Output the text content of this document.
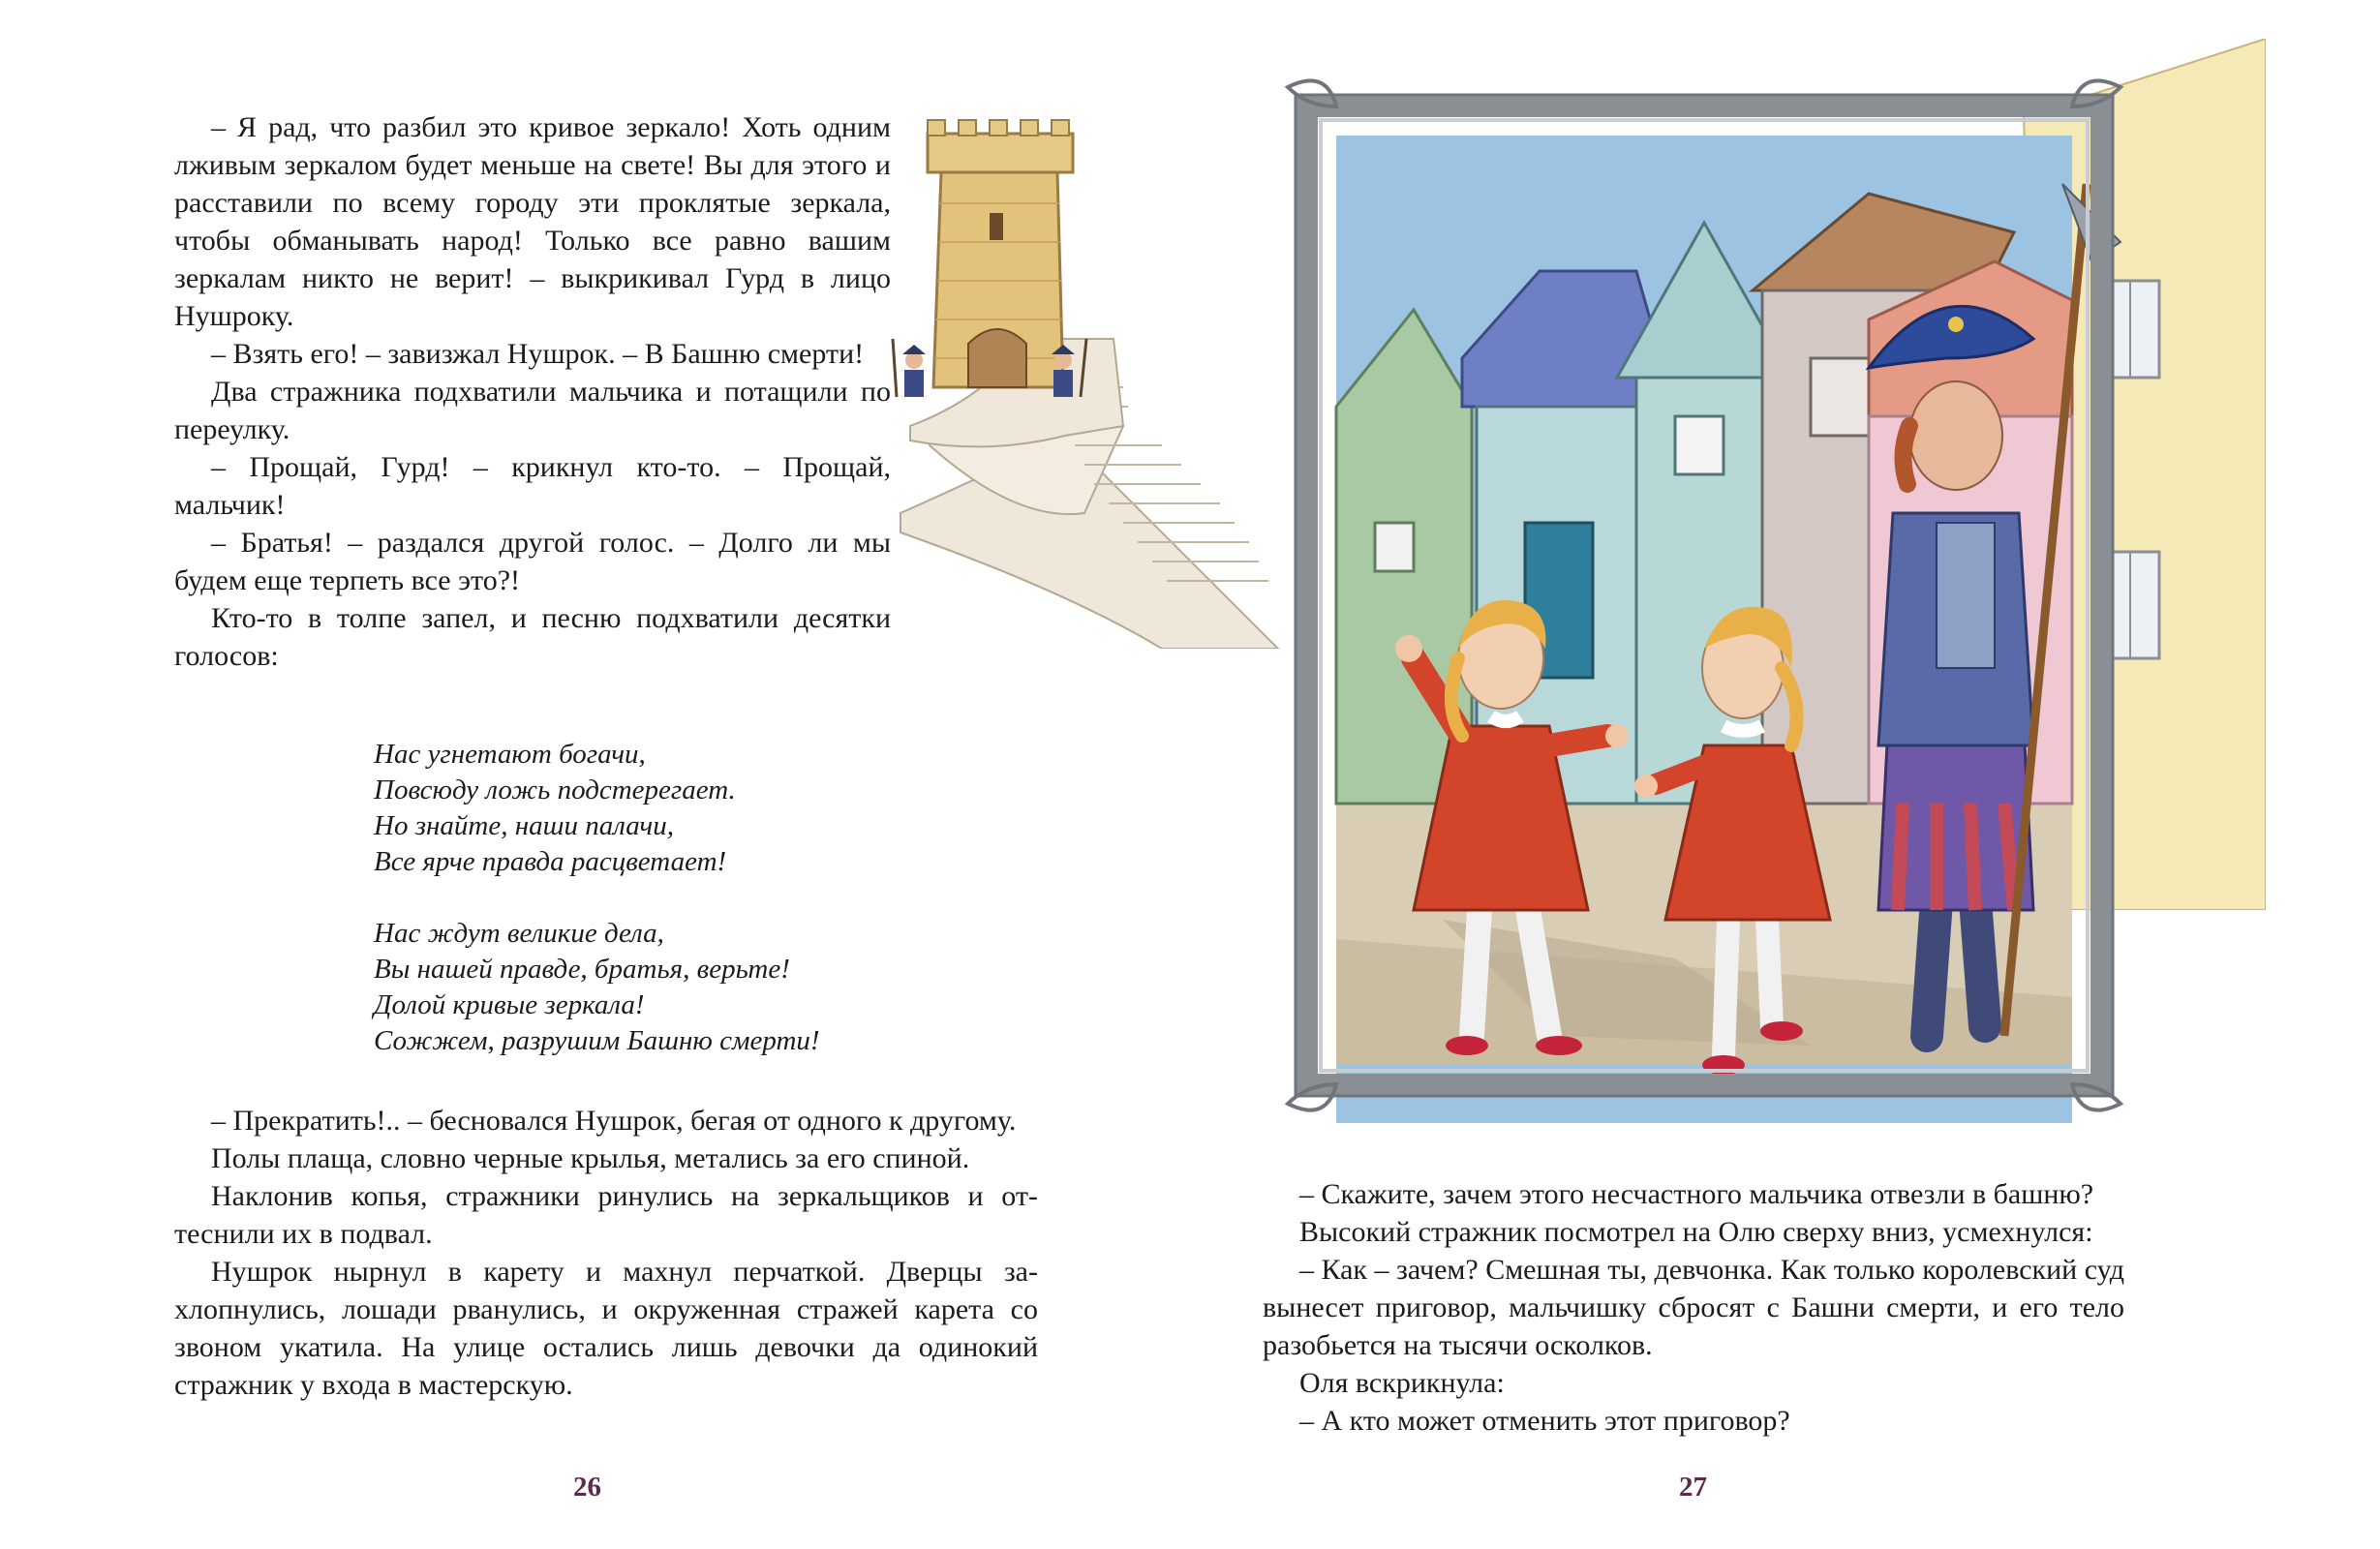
– Я рад, что разбил это кривое зеркало! Хоть одним лживым зеркалом будет меньше на свете! Вы для этого и расставили по всему городу эти проклятые зеркала, чтобы обманывать народ! Только все равно вашим зеркалам никто не верит! – выкрикивал Гурд в лицо Нушроку.

– Взять его! – завизжал Нушрок. – В Башню смерти!

Два стражника подхватили мальчика и потащили по переулку.

– Прощай, Гурд! – крикнул кто-то. – Прощай, мальчик!

– Братья! – раздался другой голос. – Долго ли мы будем еще терпеть все это?!

Кто-то в толпе запел, и песню подхватили десятки голосов:

Нас угнетают богачи,
Повсюду ложь подстерегает.
Но знайте, наши палачи,
Все ярче правда расцветает!
Нас ждут великие дела,
Вы нашей правде, братья, верьте!
Долой кривые зеркала!
Сожжем, разрушим Башню смерти!

– Прекратить!.. – бесновался Нушрок, бегая от одного к другому.

Полы плаща, словно черные крылья, метались за его спиной.

Наклонив копья, стражники ринулись на зеркальщиков и оттеснили их в подвал.

Нушрок нырнул в карету и махнул перчаткой. Дверцы захлопнулись, лошади рванулись, и окруженная стражей карета со звоном укатила. На улице остались лишь девочки да одинокий стражник у входа в мастерскую.

26

– Скажите, зачем этого несчастного мальчика отвезли в башню?

Высокий стражник посмотрел на Олю сверху вниз, усмехнулся:

– Как – зачем? Смешная ты, девчонка. Как только королевский суд вынесет приговор, мальчишку сбросят с Башни смерти, и его тело разобьется на тысячи осколков.

Оля вскрикнула:

– А кто может отменить этот приговор?

27
